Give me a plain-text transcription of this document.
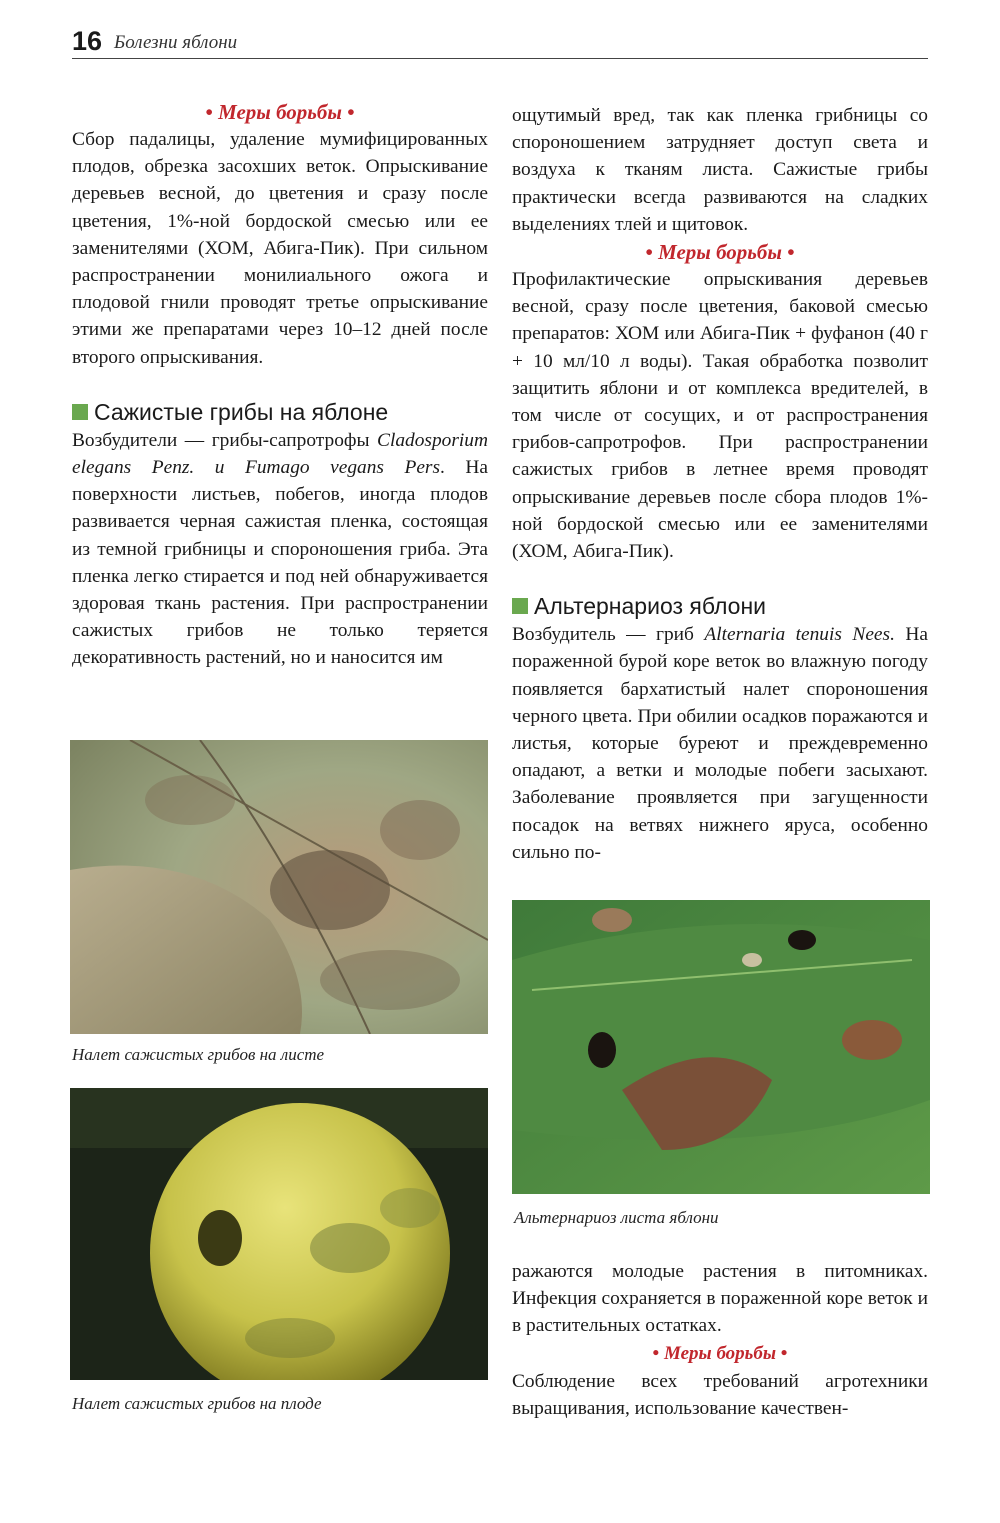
16 Болезни яблони

• Меры борьбы •

Сбор падалицы, удаление мумифицированных плодов, обрезка засохших веток. Опрыскивание деревьев весной, до цветения и сразу после цветения, 1%-ной бордоской смесью или ее заменителями (ХОМ, Абига-Пик). При сильном распространении монилиального ожога и плодовой гнили проводят третье опрыскивание этими же препаратами через 10–12 дней после второго опрыскивания.

Сажистые грибы на яблоне

Возбудители — грибы-сапротрофы Cladosporium elegans Penz. и Fumago vegans Pers. На поверхности листьев, побегов, иногда плодов развивается черная сажистая пленка, состоящая из темной грибницы и спороношения гриба. Эта пленка легко стирается и под ней обнаруживается здоровая ткань растения. При распространении сажистых грибов не только теряется декоративность растений, но и наносится им

Налет сажистых грибов на листе

Налет сажистых грибов на плоде

ощутимый вред, так как пленка грибницы со спороношением затрудняет доступ света и воздуха к тканям листа. Сажистые грибы практически всегда развиваются на сладких выделениях тлей и щитовок.

• Меры борьбы •

Профилактические опрыскивания деревьев весной, сразу после цветения, баковой смесью препаратов: ХОМ или Абига-Пик + фуфанон (40 г + 10 мл/10 л воды). Такая обработка позволит защитить яблони и от комплекса вредителей, в том числе от сосущих, и от распространения грибов-сапротрофов. При распространении сажистых грибов в летнее время проводят опрыскивание деревьев после сбора плодов 1%-ной бордоской смесью или ее заменителями (ХОМ, Абига-Пик).

Альтернариоз яблони

Возбудитель — гриб Alternaria tenuis Nees. На пораженной бурой коре веток во влажную погоду появляется бархатистый налет спороношения черного цвета. При обилии осадков поражаются и листья, которые буреют и преждевременно опадают, а ветки и молодые побеги засыхают. Заболевание проявляется при загущенности посадок на ветвях нижнего яруса, особенно сильно по-

Альтернариоз листа яблони

ражаются молодые растения в питомниках. Инфекция сохраняется в пораженной коре веток и в растительных остатках.

• Меры борьбы •

Соблюдение всех требований агротехники выращивания, использование качествен-
